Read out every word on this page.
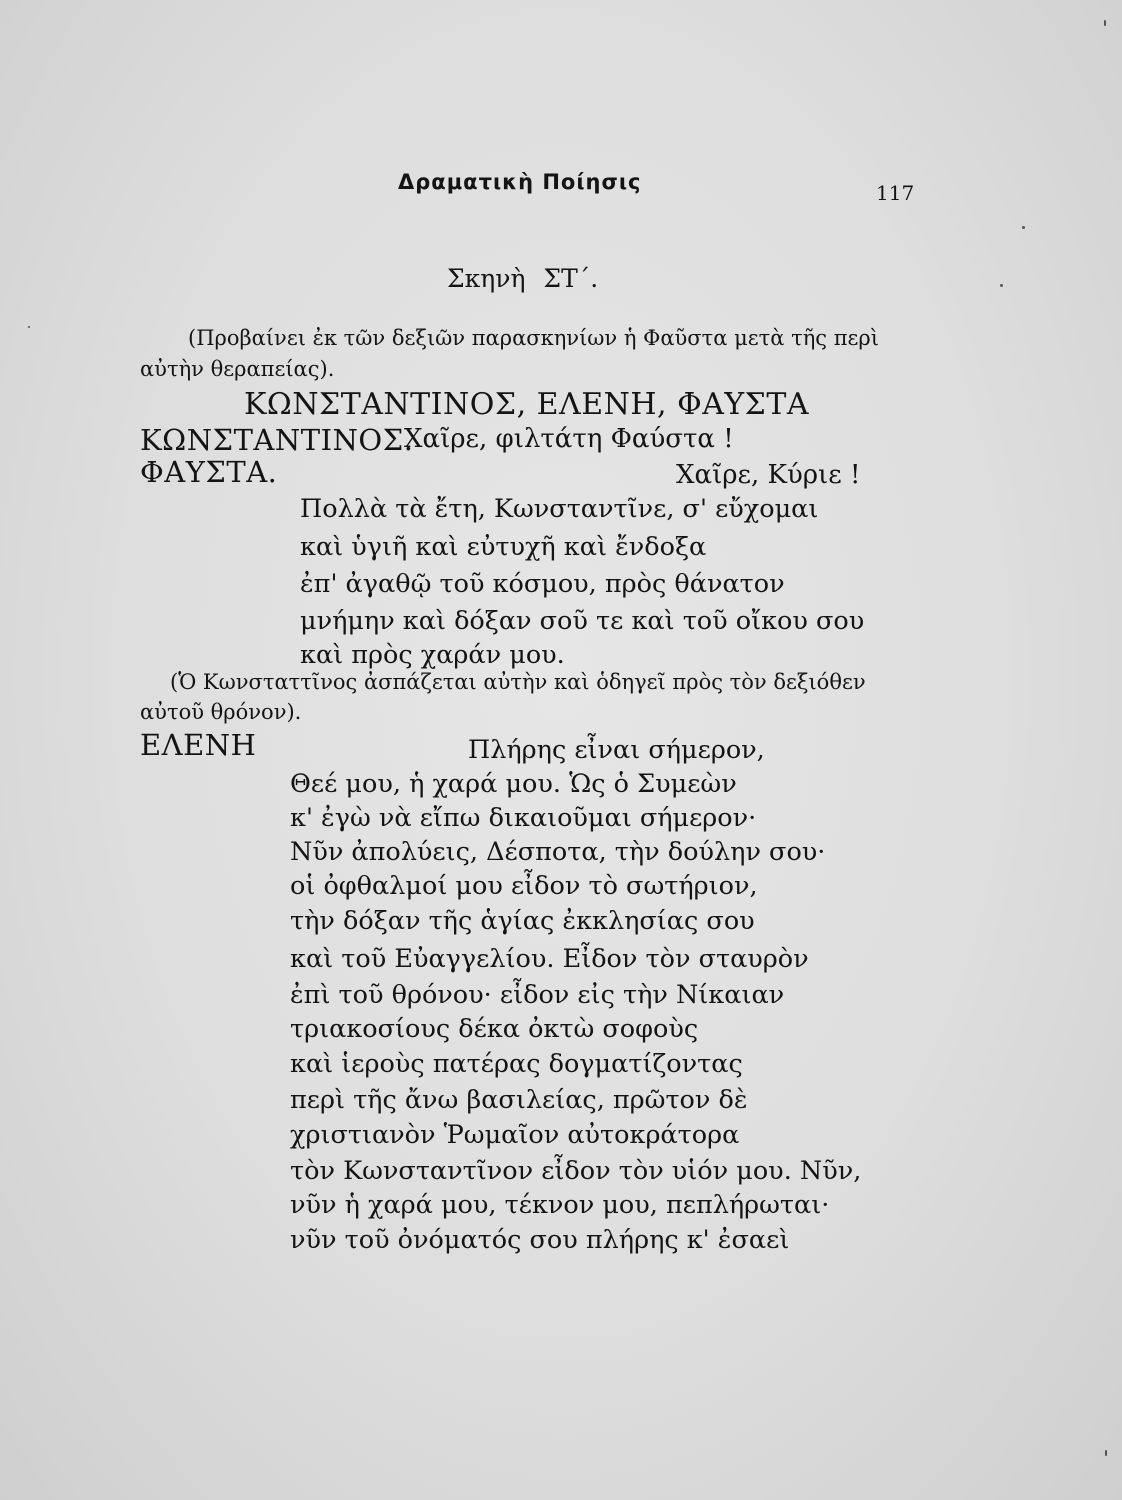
Δραματικὴ Ποίησις	117
Σκηνὴ ΣΤ΄.
(Προβαίνει ἐκ τῶν δεξιῶν παρασκηνίων ἡ Φαῦστα μετὰ τῆς περὶ
αὐτὴν θεραπείας).
ΚΩΝΣΤΑΝΤΙΝΟΣ, ΕΛΕΝΗ, ΦΑΥΣΤΑ
ΚΩΝΣΤΑΝΤΙΝΟΣ.
Χαῖρε, φιλτάτη Φαύστα !
ΦΑΥΣΤΑ.	Χαῖρε, Κύριε !
Πολλὰ τὰ ἔτη, Κωνσταντῖνε, σ' εὔχομαι
καὶ ὑγιῆ καὶ εὐτυχῆ καὶ ἔνδοξα
ἐπ' ἀγαθῷ τοῦ κόσμου, πρὸς θάνατον
μνήμην καὶ δόξαν σοῦ τε καὶ τοῦ οἴκου σου
καὶ πρὸς χαράν μου.
(Ὁ Κωνσταττῖνος ἀσπάζεται αὐτὴν καὶ ὁδηγεῖ πρὸς τὸν δεξιόθεν
αὐτοῦ θρόνον).
ΕΛΕΝΗ	Πλήρης εἶναι σήμερον,
Θεέ μου, ἡ χαρά μου. Ὡς ὁ Συμεὼν
κ' ἐγὼ νὰ εἴπω δικαιοῦμαι σήμερον·
Νῦν ἀπολύεις, Δέσποτα, τὴν δούλην σου·
οἱ ὀφθαλμοί μου εἶδον τὸ σωτήριον,
τὴν δόξαν τῆς ἁγίας ἐκκλησίας σου
καὶ τοῦ Εὐαγγελίου. Εἶδον τὸν σταυρὸν
ἐπὶ τοῦ θρόνου· εἶδον εἰς τὴν Νίκαιαν
τριακοσίους δέκα ὀκτὼ σοφοὺς
καὶ ἱεροὺς πατέρας δογματίζοντας
περὶ τῆς ἄνω βασιλείας, πρῶτον δὲ
χριστιανὸν Ῥωμαῖον αὐτοκράτορα
τὸν Κωνσταντῖνον εἶδον τὸν υἱόν μου. Νῦν,
νῦν ἡ χαρά μου, τέκνον μου, πεπλήρωται·
νῦν τοῦ ὀνόματός σου πλήρης κ' ἐσαεὶ
